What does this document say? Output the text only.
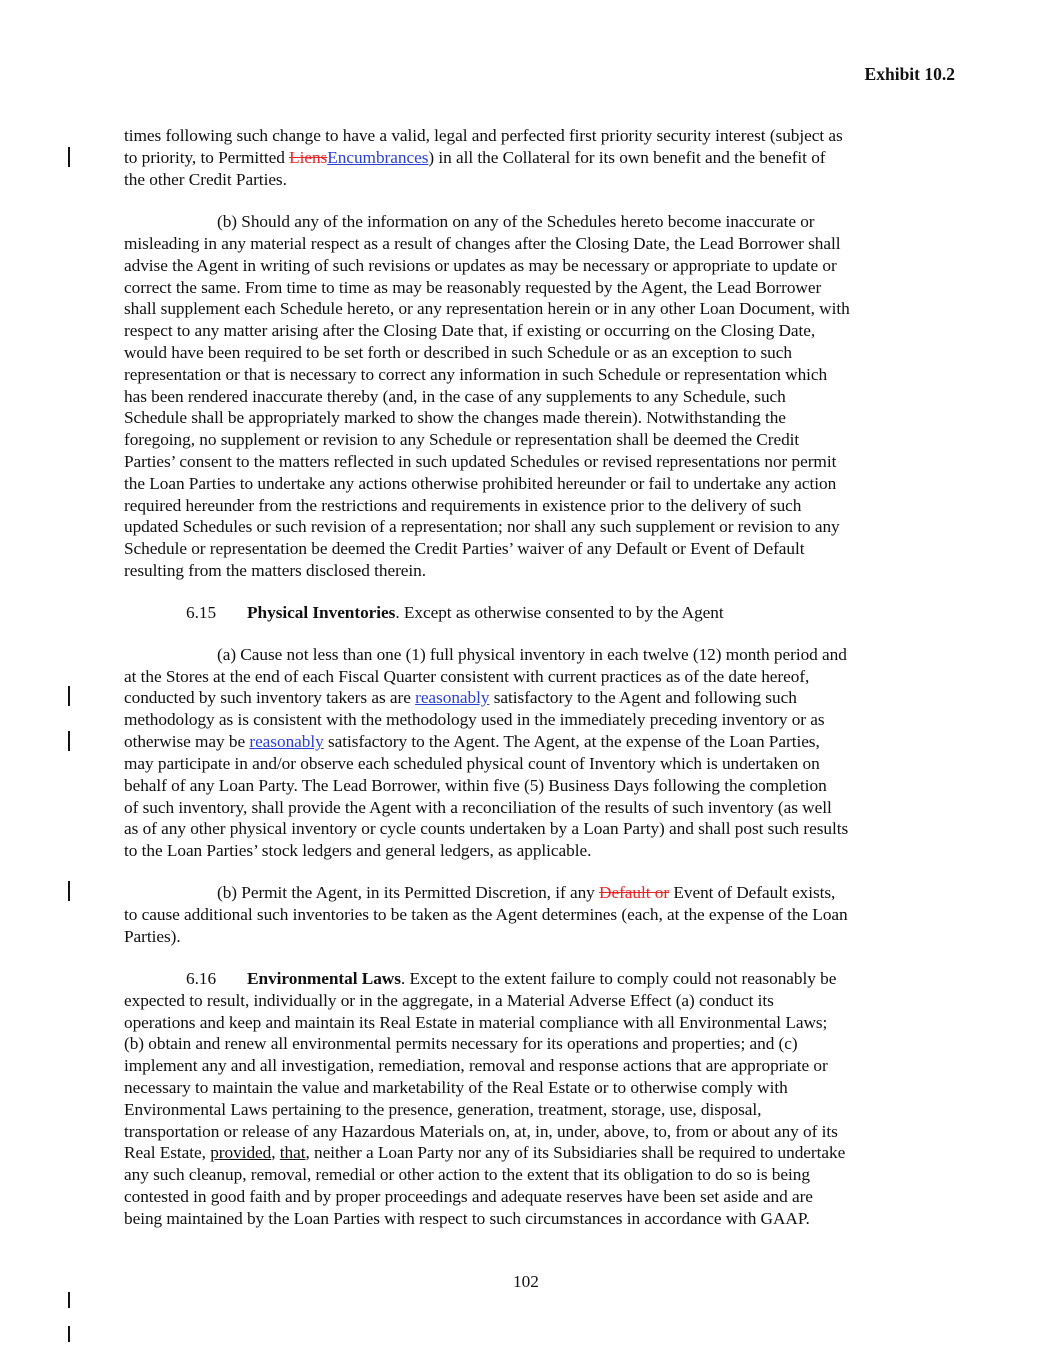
Exhibit 10.2
times following such change to have a valid, legal and perfected first priority security interest (subject as
to priority, to Permitted LiensEncumbrances) in all the Collateral for its own benefit and the benefit of
the other Credit Parties.
(b) Should any of the information on any of the Schedules hereto become inaccurate or
misleading in any material respect as a result of changes after the Closing Date, the Lead Borrower shall
advise the Agent in writing of such revisions or updates as may be necessary or appropriate to update or
correct the same. From time to time as may be reasonably requested by the Agent, the Lead Borrower
shall supplement each Schedule hereto, or any representation herein or in any other Loan Document, with
respect to any matter arising after the Closing Date that, if existing or occurring on the Closing Date,
would have been required to be set forth or described in such Schedule or as an exception to such
representation or that is necessary to correct any information in such Schedule or representation which
has been rendered inaccurate thereby (and, in the case of any supplements to any Schedule, such
Schedule shall be appropriately marked to show the changes made therein). Notwithstanding the
foregoing, no supplement or revision to any Schedule or representation shall be deemed the Credit
Parties’ consent to the matters reflected in such updated Schedules or revised representations nor permit
the Loan Parties to undertake any actions otherwise prohibited hereunder or fail to undertake any action
required hereunder from the restrictions and requirements in existence prior to the delivery of such
updated Schedules or such revision of a representation; nor shall any such supplement or revision to any
Schedule or representation be deemed the Credit Parties’ waiver of any Default or Event of Default
resulting from the matters disclosed therein.
6.15 Physical Inventories. Except as otherwise consented to by the Agent
(a) Cause not less than one (1) full physical inventory in each twelve (12) month period and
at the Stores at the end of each Fiscal Quarter consistent with current practices as of the date hereof,
conducted by such inventory takers as are reasonably satisfactory to the Agent and following such
methodology as is consistent with the methodology used in the immediately preceding inventory or as
otherwise may be reasonably satisfactory to the Agent. The Agent, at the expense of the Loan Parties,
may participate in and/or observe each scheduled physical count of Inventory which is undertaken on
behalf of any Loan Party. The Lead Borrower, within five (5) Business Days following the completion
of such inventory, shall provide the Agent with a reconciliation of the results of such inventory (as well
as of any other physical inventory or cycle counts undertaken by a Loan Party) and shall post such results
to the Loan Parties’ stock ledgers and general ledgers, as applicable.
(b) Permit the Agent, in its Permitted Discretion, if any Default or Event of Default exists,
to cause additional such inventories to be taken as the Agent determines (each, at the expense of the Loan
Parties).
6.16 Environmental Laws. Except to the extent failure to comply could not reasonably be
expected to result, individually or in the aggregate, in a Material Adverse Effect (a) conduct its
operations and keep and maintain its Real Estate in material compliance with all Environmental Laws;
(b) obtain and renew all environmental permits necessary for its operations and properties; and (c)
implement any and all investigation, remediation, removal and response actions that are appropriate or
necessary to maintain the value and marketability of the Real Estate or to otherwise comply with
Environmental Laws pertaining to the presence, generation, treatment, storage, use, disposal,
transportation or release of any Hazardous Materials on, at, in, under, above, to, from or about any of its
Real Estate, provided, that, neither a Loan Party nor any of its Subsidiaries shall be required to undertake
any such cleanup, removal, remedial or other action to the extent that its obligation to do so is being
contested in good faith and by proper proceedings and adequate reserves have been set aside and are
being maintained by the Loan Parties with respect to such circumstances in accordance with GAAP.
102
